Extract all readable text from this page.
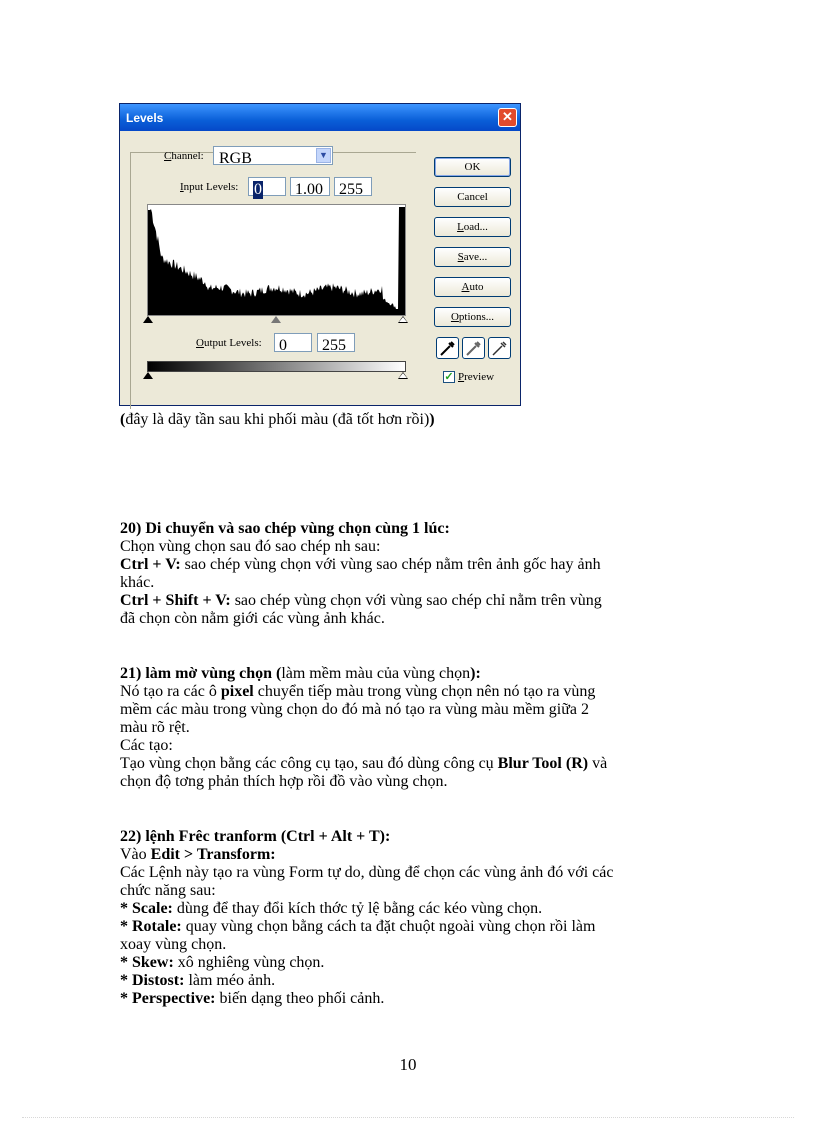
Levels	✕
Channel: RGB	▼
Input Levels: 0 1.00 255
Output Levels: 0 255
OK
Cancel
Load...
Save...
Auto
Options...
✓ Preview
(đây là dãy tần sau khi phối màu (đã tốt hơn rồi))
20) Di chuyển và sao chép vùng chọn cùng 1 lúc:
Chọn vùng chọn sau đó sao chép nh sau:
Ctrl + V: sao chép vùng chọn với vùng sao chép nằm trên ảnh gốc hay ảnh
khác.
Ctrl + Shift + V: sao chép vùng chọn với vùng sao chép chỉ nằm trên vùng
đã chọn còn nằm giới các vùng ảnh khác.
21) làm mờ vùng chọn (làm mềm màu của vùng chọn):
Nó tạo ra các ô pixel chuyển tiếp màu trong vùng chọn nên nó tạo ra vùng
mềm các màu trong vùng chọn do đó mà nó tạo ra vùng màu mềm giữa 2
màu rõ rệt.
Các tạo:
Tạo vùng chọn bằng các công cụ tạo, sau đó dùng công cụ Blur Tool (R) và
chọn độ tơng phản thích hợp rồi đồ vào vùng chọn.
22) lệnh Frêc tranform (Ctrl + Alt + T):
Vào Edit > Transform:
Các Lệnh này tạo ra vùng Form tự do, dùng để chọn các vùng ảnh đó với các
chức năng sau:
* Scale: dùng để thay đổi kích thớc tỷ lệ bằng các kéo vùng chọn.
* Rotale: quay vùng chọn bằng cách ta đặt chuột ngoài vùng chọn rồi làm
xoay vùng chọn.
* Skew: xô nghiêng vùng chọn.
* Distost: làm méo ảnh.
* Perspective: biến dạng theo phối cảnh.
10
